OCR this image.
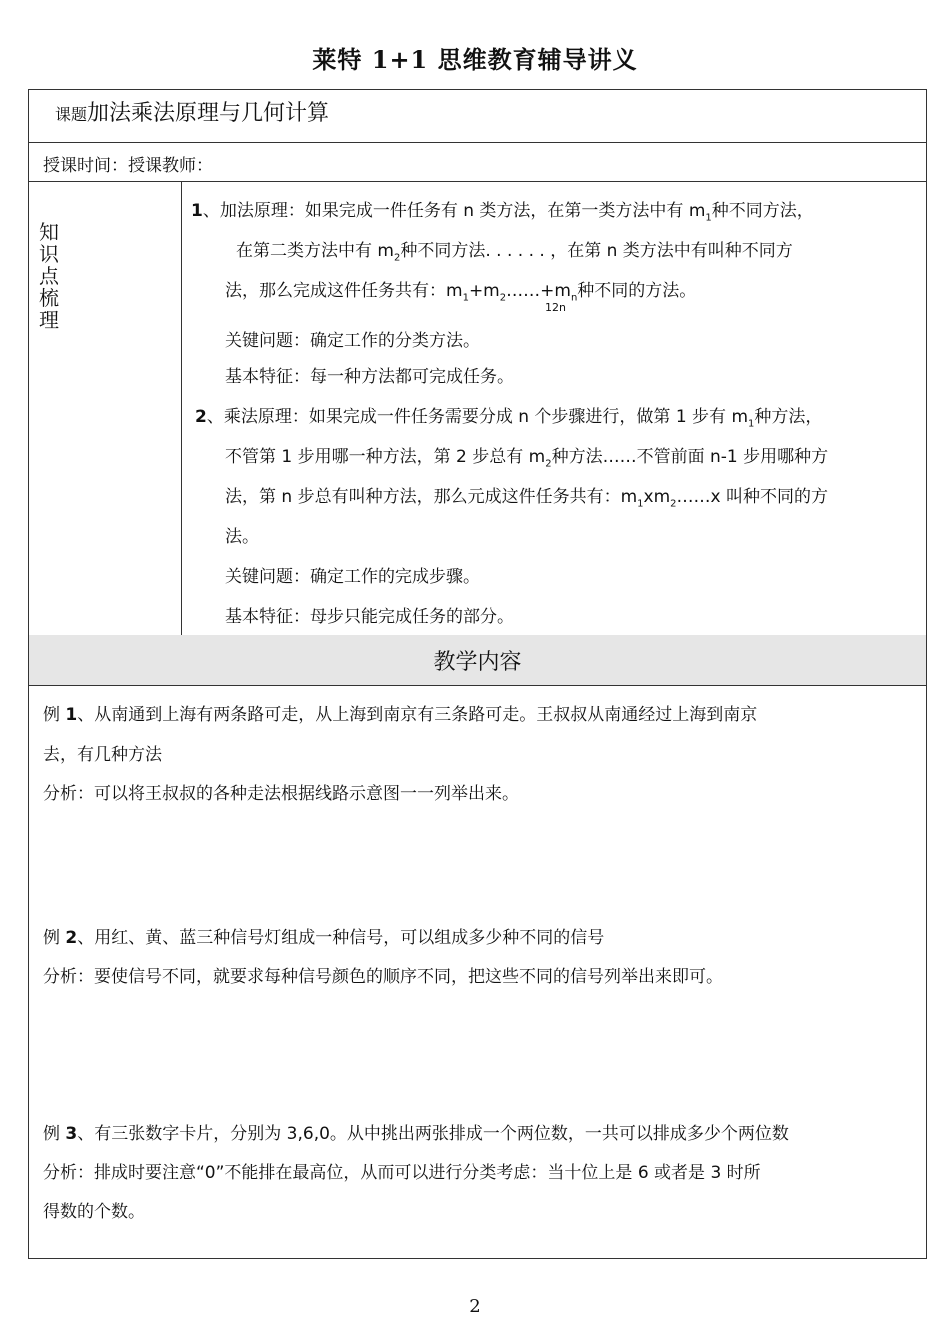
莱特 1+1 思维教育辅导讲义
课题加法乘法原理与几何计算
授课时间：授课教师：
知
识
点
梳
理
1、加法原理：如果完成一件任务有 n 类方法，在第一类方法中有 $m_1$种不同方法，
在第二类方法中有 $m_2$种不同方法. . . . . . ，在第 n 类方法中有叫种不同方
法，那么完成这件任务共有：$m_1+m_2\dots\dots+m_n$种不同的方法。
12n
关键问题：确定工作的分类方法。
基本特征：每一种方法都可完成任务。
2、乘法原理：如果完成一件任务需要分成 n 个步骤进行，做第 1 步有 $m_1$种方法，
不管第 1 步用哪一种方法，第 2 步总有 $m_2$种方法……不管前面 n-1 步用哪种方
法，第 n 步总有叫种方法，那么元成这件任务共有：$m_1xm_2\dots\dots x$ 叫种不同的方
法。
关键问题：确定工作的完成步骤。
基本特征：母步只能完成任务的部分。
教学内容
例 1、从南通到上海有两条路可走，从上海到南京有三条路可走。王叔叔从南通经过上海到南京
去，有几种方法
分析：可以将王叔叔的各种走法根据线路示意图一一列举出来。
例 2、用红、黄、蓝三种信号灯组成一种信号，可以组成多少种不同的信号
分析：要使信号不同，就要求每种信号颜色的顺序不同，把这些不同的信号列举出来即可。
例 3、有三张数字卡片，分别为 3,6,0。从中挑出两张排成一个两位数，一共可以排成多少个两位数
分析：排成时要注意“0”不能排在最高位，从而可以进行分类考虑：当十位上是 6 或者是 3 时所
得数的个数。
2
